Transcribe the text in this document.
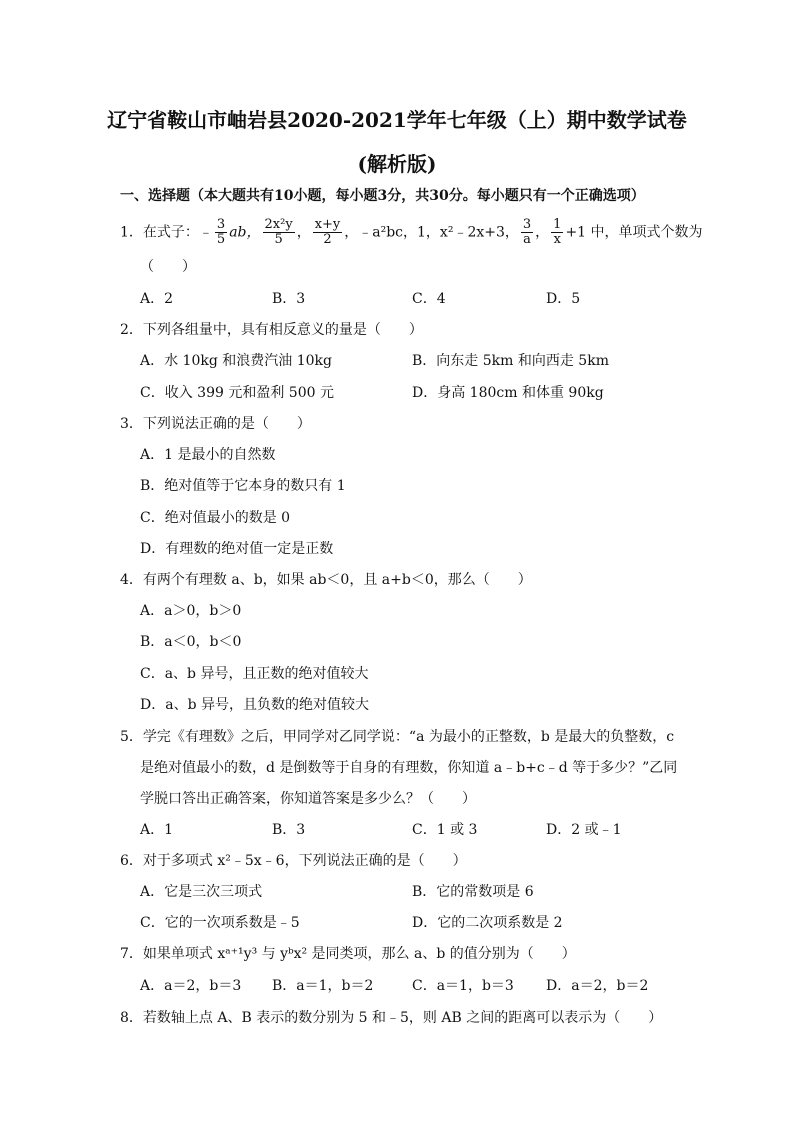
辽宁省鞍山市岫岩县2020-2021学年七年级（上）期中数学试卷
(解析版)
一、选择题（本大题共有10小题，每小题3分，共30分。每小题只有一个正确选项）
1．在式子：﹣ $\frac{3}{5}$ ab， $\frac{\text{2x²y}}{5}$ ， $\frac{x+y}{2}$ ，﹣a²bc，1，x²﹣2x+3， $\frac{3}{a}$ ， $\frac{1}{x} +1$ 中，单项式个数为
（　　）
A．2	B．3	C．4	D．5
2．下列各组量中，具有相反意义的量是（　　）
A．水 10kg 和浪费汽油 10kg	B．向东走 5km 和向西走 5km
C．收入 399 元和盈利 500 元	D．身高 180cm 和体重 90kg
3．下列说法正确的是（　　）
A．1 是最小的自然数
B．绝对值等于它本身的数只有 1
C．绝对值最小的数是 0
D．有理数的绝对值一定是正数
4．有两个有理数 a、b，如果 ab＜0，且 a+b＜0，那么（　　）
A．a＞0，b＞0
B．a＜0，b＜0
C．a、b 异号，且正数的绝对值较大
D．a、b 异号，且负数的绝对值较大
5．学完《有理数》之后，甲同学对乙同学说：“a 为最小的正整数，b 是最大的负整数，c
是绝对值最小的数，d 是倒数等于自身的有理数，你知道 a﹣b+c﹣d 等于多少？”乙同
学脱口答出正确答案，你知道答案是多少么？（　　）
A．1	B．3	C．1 或 3	D．2 或﹣1
6．对于多项式 x²﹣5x﹣6，下列说法正确的是（　　）
A．它是三次三项式	B．它的常数项是 6
C．它的一次项系数是﹣5	D．它的二次项系数是 2
7．如果单项式 xᵃ⁺¹y³ 与 yᵇx² 是同类项，那么 a、b 的值分别为（　　）
A．a＝2，b＝3 B．a＝1，b＝2	C．a＝1，b＝3 D．a＝2，b＝2
8．若数轴上点 A、B 表示的数分别为 5 和﹣5，则 AB 之间的距离可以表示为（　　）
